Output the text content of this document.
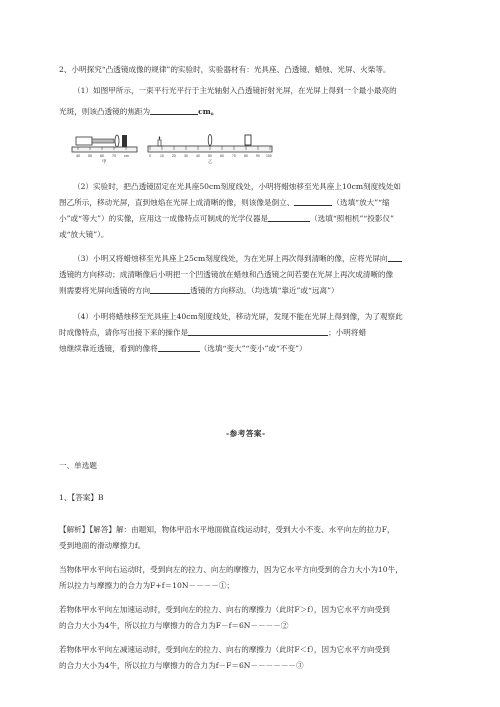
2、小明探究“凸透镜成像的规律”的实验时，实验器材有：光具座、凸透镜、蜡烛、光屏、火柴等。
（1）如图甲所示，一束平行光平行于主光轴射入凸透镜折射光屏，在光屏上得到一个最小最亮的
光斑，则该凸透镜的焦距为	cm。
40 50 60 70 cm
甲
0	10 20 30 40 50 60 70 80 90 100
乙
（2）实验时，把凸透镜固定在光具座50cm刻度线处，小明将蜡烛移至光具座上10cm刻度线处如
图乙所示，移动光屏，直到烛焰在光屏上成清晰的像，则该像是倒立、	（选填“放大”“缩
小”或“等大”）的实像，应用这一成像特点可制成的光学仪器是	（选填“照相机”“投影仪”
或“放大镜”）。
（3）小明又将蜡烛移至光具座上25cm刻度线处，为在光屏上再次得到清晰的像，应将光屏向
透镜的方向移动；成清晰像后小明把一个凹透镜放在蜡烛和凸透镜之间若要在光屏上再次成清晰的像
则需要将光屏向透镜的方向	透镜的方向移动。（均选填“靠近”或“远离”）
（4）小明将蜡烛移至光具座上40cm刻度线处，移动光屏，发现不能在光屏上得到像，为了观察此
时成像特点，请你写出接下来的操作是	；小明将蜡
烛继续靠近透镜，看到的像将	（选填“变大”“变小”或“不变”）
-参考答案-
一、单选题
1、【答案】B
【解析】【解答】解：由题知，物体甲沿水平地面做直线运动时，受到大小不变、水平向左的拉力F，
受到地面的滑动摩擦力f。
当物体甲水平向右运动时，受到向左的拉力、向左的摩擦力，因为它水平方向受到的合力大小为10牛，
所以拉力与摩擦力的合力为F+f＝10N－－－－①；
若物体甲水平向左加速运动时，受到向左的拉力、向右的摩擦力（此时F＞f），因为它水平方向受到
的合力大小为4牛，所以拉力与摩擦力的合力为F－f＝6N－－－－②
若物体甲水平向左减速运动时，受到向左的拉力、向右的摩擦力（此时F＜f），因为它水平方向受到
的合力大小为4牛，所以拉力与摩擦力的合力为f－F＝6N－－－－－－③
